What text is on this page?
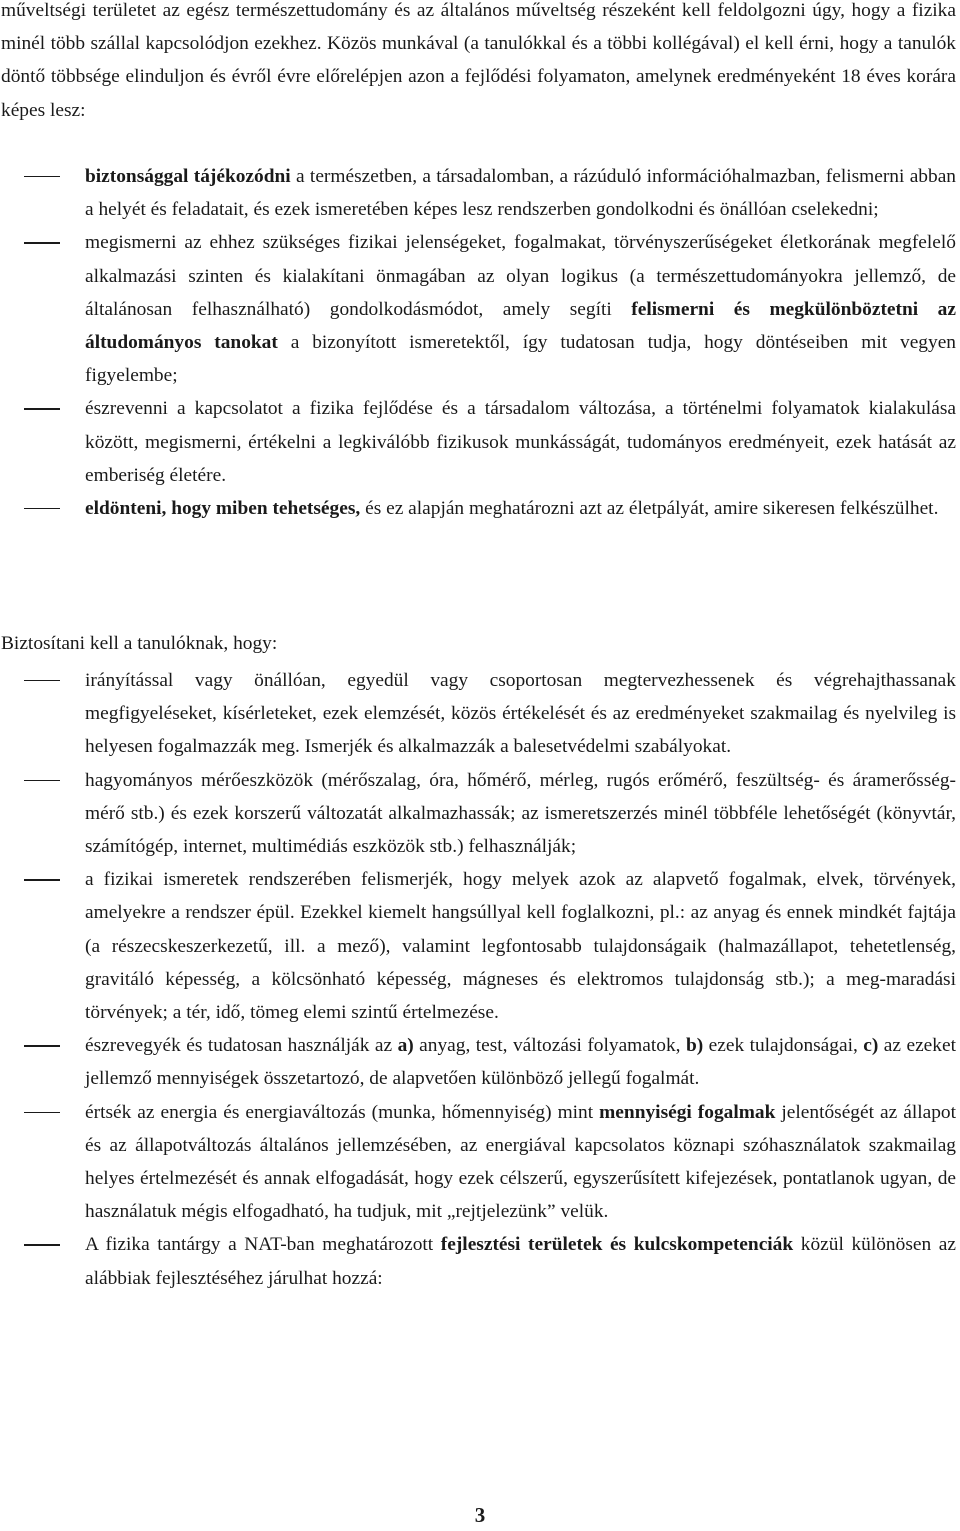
műveltségi területet az egész természettudomány és az általános műveltség részeként kell feldolgozni úgy, hogy a fizika minél több szállal kapcsolódjon ezekhez. Közös munkával (a tanulókkal és a többi kollégával) el kell érni, hogy a tanulók döntő többsége elinduljon és évről évre előrelépjen azon a fejlődési folyamaton, amelynek eredményeként 18 éves korára képes lesz:

biztonsággal tájékozódni a természetben, a társadalomban, a rázúduló információhalmazban, felismerni abban a helyét és feladatait, és ezek ismeretében képes lesz rendszerben gondolkodni és önállóan cselekedni;
megismerni az ehhez szükséges fizikai jelenségeket, fogalmakat, törvényszerűségeket életkorának megfelelő alkalmazási szinten és kialakítani önmagában az olyan logikus (a természettudományokra jellemző, de általánosan felhasználható) gondolkodásmódot, amely segíti felismerni és megkülönböztetni az áltudományos tanokat a bizonyított ismeretektől, így tudatosan tudja, hogy döntéseiben mit vegyen figyelembe;
észrevenni a kapcsolatot a fizika fejlődése és a társadalom változása, a történelmi folyamatok kialakulása között, megismerni, értékelni a legkiválóbb fizikusok munkásságát, tudományos eredményeit, ezek hatását az emberiség életére.
eldönteni, hogy miben tehetséges, és ez alapján meghatározni azt az életpályát, amire sikeresen felkészülhet.

Biztosítani kell a tanulóknak, hogy:

irányítással vagy önállóan, egyedül vagy csoportosan megtervezhessenek és végrehajthassanak megfigyeléseket, kísérleteket, ezek elemzését, közös értékelését és az eredményeket szakmailag és nyelvileg is helyesen fogalmazzák meg. Ismerjék és alkalmazzák a balesetvédelmi szabályokat.
hagyományos mérőeszközök (mérőszalag, óra, hőmérő, mérleg, rugós erőmérő, feszültség- és áramerősség-mérő stb.) és ezek korszerű változatát alkalmazhassák; az ismeretszerzés minél többféle lehetőségét (könyvtár, számítógép, internet, multimédiás eszközök stb.) felhasználják;
a fizikai ismeretek rendszerében felismerjék, hogy melyek azok az alapvető fogalmak, elvek, törvények, amelyekre a rendszer épül. Ezekkel kiemelt hangsúllyal kell foglalkozni, pl.: az anyag és ennek mindkét fajtája (a részecskeszerkezetű, ill. a mező), valamint legfontosabb tulajdonságaik (halmazállapot, tehetetlenség, gravitáló képesség, a kölcsönható képesség, mágneses és elektromos tulajdonság stb.); a meg-maradási törvények; a tér, idő, tömeg elemi szintű értelmezése.
észrevegyék és tudatosan használják az a) anyag, test, változási folyamatok, b) ezek tulajdonságai, c) az ezeket jellemző mennyiségek összetartozó, de alapvetően különböző jellegű fogalmát.
értsék az energia és energiaváltozás (munka, hőmennyiség) mint mennyiségi fogalmak jelentőségét az állapot és az állapotváltozás általános jellemzésében, az energiával kapcsolatos köznapi szóhasználatok szakmailag helyes értelmezését és annak elfogadását, hogy ezek célszerű, egyszerűsített kifejezések, pontatlanok ugyan, de használatuk mégis elfogadható, ha tudjuk, mit „rejtjelezünk” velük.
A fizika tantárgy a NAT-ban meghatározott fejlesztési területek és kulcskompetenciák közül különösen az alábbiak fejlesztéséhez járulhat hozzá:
3
